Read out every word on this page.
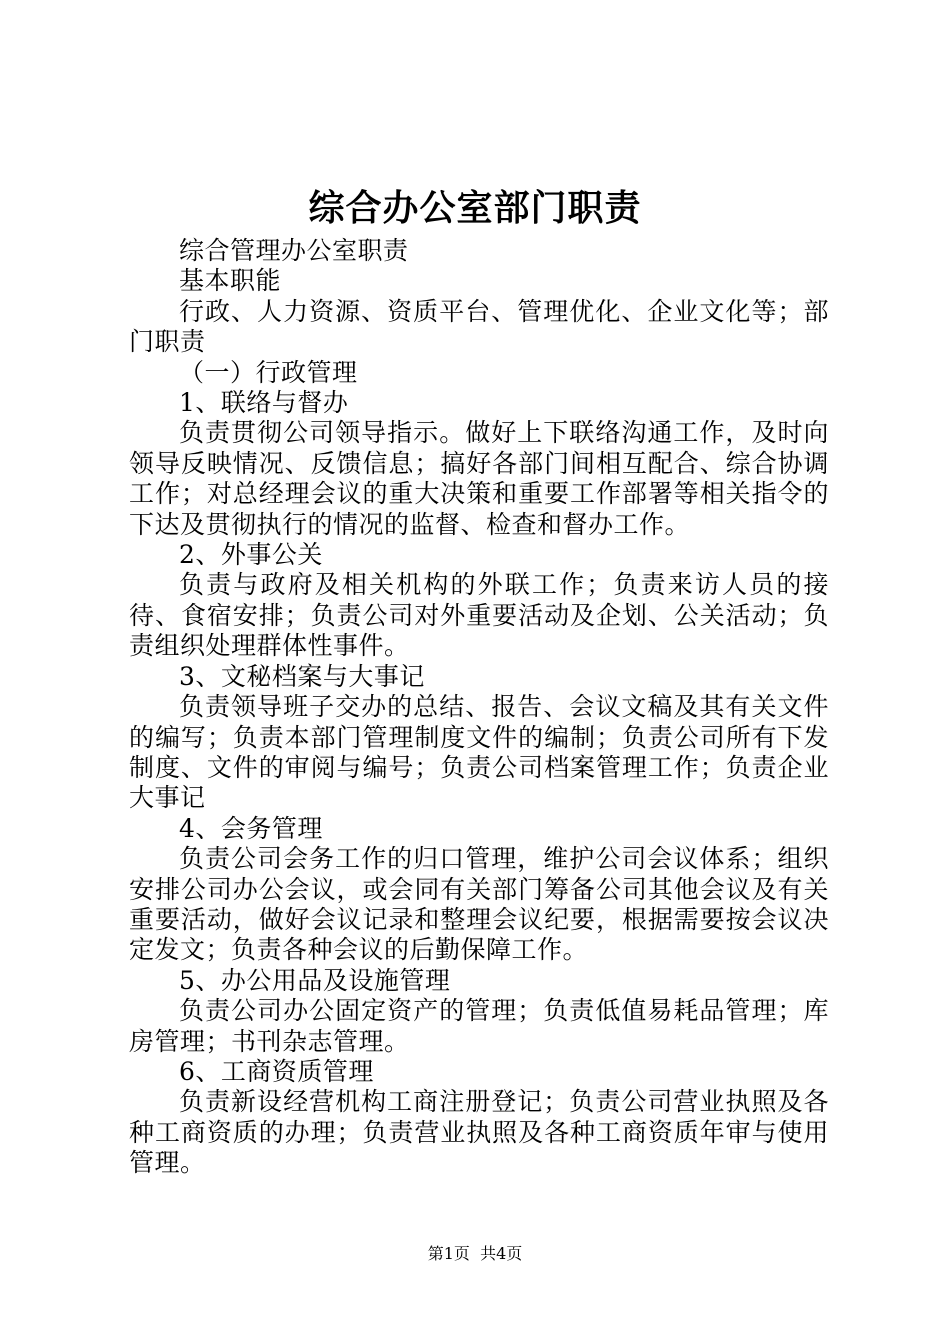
综合办公室部门职责

综合管理办公室职责

基本职能

行政、人力资源、资质平台、管理优化、企业文化等；部门职责

（一）行政管理

1、联络与督办

负责贯彻公司领导指示。做好上下联络沟通工作，及时向领导反映情况、反馈信息；搞好各部门间相互配合、综合协调工作；对总经理会议的重大决策和重要工作部署等相关指令的下达及贯彻执行的情况的监督、检查和督办工作。

2、外事公关

负责与政府及相关机构的外联工作；负责来访人员的接待、食宿安排；负责公司对外重要活动及企划、公关活动；负责组织处理群体性事件。

3、文秘档案与大事记

负责领导班子交办的总结、报告、会议文稿及其有关文件的编写；负责本部门管理制度文件的编制；负责公司所有下发制度、文件的审阅与编号；负责公司档案管理工作；负责企业大事记

4、会务管理

负责公司会务工作的归口管理，维护公司会议体系；组织安排公司办公会议，或会同有关部门筹备公司其他会议及有关重要活动，做好会议记录和整理会议纪要，根据需要按会议决定发文；负责各种会议的后勤保障工作。

5、办公用品及设施管理

负责公司办公固定资产的管理；负责低值易耗品管理；库房管理；书刊杂志管理。

6、工商资质管理

负责新设经营机构工商注册登记；负责公司营业执照及各种工商资质的办理；负责营业执照及各种工商资质年审与使用管理。

第1页  共4页
